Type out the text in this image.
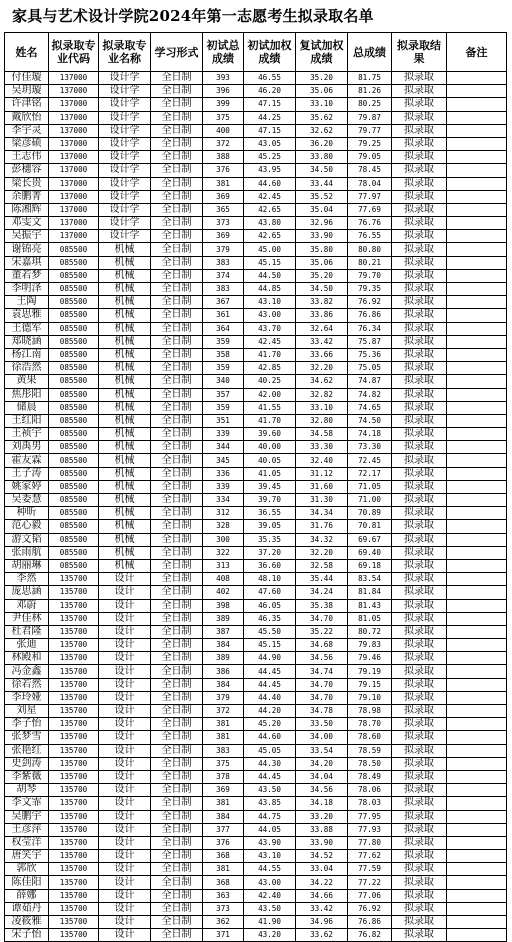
家具与艺术设计学院2024年第一志愿考生拟录取名单
姓名	拟录取专业代码	拟录取专业名称	学习形式	初试总成绩	初试加权成绩	复试加权成绩	总成绩	拟录取结果	备注
付佳璇	137000	设计学	全日制	393	46.55	35.20	81.75	拟录取	
吴玥璇	137000	设计学	全日制	396	46.20	35.06	81.26	拟录取	
许津铭	137000	设计学	全日制	399	47.15	33.10	80.25	拟录取	
戴欣怡	137000	设计学	全日制	375	44.25	35.62	79.87	拟录取	
李宇灵	137000	设计学	全日制	400	47.15	32.62	79.77	拟录取	
梁彦硕	137000	设计学	全日制	372	43.05	36.20	79.25	拟录取	
王志伟	137000	设计学	全日制	388	45.25	33.80	79.05	拟录取	
彭穗容	137000	设计学	全日制	376	43.95	34.50	78.45	拟录取	
梁长贵	137000	设计学	全日制	381	44.60	33.44	78.04	拟录取	
余鹏菁	137000	设计学	全日制	369	42.45	35.52	77.97	拟录取	
陈湘辉	137000	设计学	全日制	365	42.65	35.04	77.69	拟录取	
邓雯文	137000	设计学	全日制	373	43.80	32.96	76.76	拟录取	
吴振宇	137000	设计学	全日制	369	42.65	33.90	76.55	拟录取	
谢锦亮	085500	机械	全日制	379	45.00	35.80	80.80	拟录取	
宋嘉琪	085500	机械	全日制	383	45.15	35.06	80.21	拟录取	
董若梦	085500	机械	全日制	374	44.50	35.20	79.70	拟录取	
李明泽	085500	机械	全日制	383	44.85	34.50	79.35	拟录取	
王陶	085500	机械	全日制	367	43.10	33.82	76.92	拟录取	
袁思雅	085500	机械	全日制	361	43.00	33.86	76.86	拟录取	
王德军	085500	机械	全日制	364	43.70	32.64	76.34	拟录取	
郑晓涵	085500	机械	全日制	359	42.45	33.42	75.87	拟录取	
杨江南	085500	机械	全日制	358	41.70	33.66	75.36	拟录取	
徐浩然	085500	机械	全日制	359	42.85	32.20	75.05	拟录取	
黄果	085500	机械	全日制	340	40.25	34.62	74.87	拟录取	
焦彤阳	085500	机械	全日制	357	42.00	32.82	74.82	拟录取	
储晨	085500	机械	全日制	359	41.55	33.10	74.65	拟录取	
王红阳	085500	机械	全日制	351	41.70	32.80	74.50	拟录取	
王祯宇	085500	机械	全日制	339	39.60	34.58	74.18	拟录取	
刘禹男	085500	机械	全日制	344	40.00	33.30	73.30	拟录取	
霍友霖	085500	机械	全日制	345	40.05	32.40	72.45	拟录取	
王子涛	085500	机械	全日制	336	41.05	31.12	72.17	拟录取	
姚家婷	085500	机械	全日制	339	39.45	31.60	71.05	拟录取	
吴委慧	085500	机械	全日制	334	39.70	31.30	71.00	拟录取	
种昕	085500	机械	全日制	312	36.55	34.34	70.89	拟录取	
范心毅	085500	机械	全日制	328	39.05	31.76	70.81	拟录取	
游文韬	085500	机械	全日制	300	35.35	34.32	69.67	拟录取	
张雨航	085500	机械	全日制	322	37.20	32.20	69.40	拟录取	
胡丽琳	085500	机械	全日制	313	36.60	32.58	69.18	拟录取	
李然	135700	设计	全日制	408	48.10	35.44	83.54	拟录取	
庞思涵	135700	设计	全日制	402	47.60	34.24	81.84	拟录取	
邓蔚	135700	设计	全日制	398	46.05	35.38	81.43	拟录取	
尹佳林	135700	设计	全日制	389	46.35	34.70	81.05	拟录取	
杜君隆	135700	设计	全日制	387	45.50	35.22	80.72	拟录取	
张迪	135700	设计	全日制	384	45.15	34.68	79.83	拟录取	
林殿和	135700	设计	全日制	389	44.90	34.56	79.46	拟录取	
冯金鑫	135700	设计	全日制	386	44.45	34.74	79.19	拟录取	
徐若然	135700	设计	全日制	384	44.45	34.70	79.15	拟录取	
李玲娅	135700	设计	全日制	379	44.40	34.70	79.10	拟录取	
刘星	135700	设计	全日制	372	44.20	34.78	78.98	拟录取	
李子怡	135700	设计	全日制	381	45.20	33.50	78.70	拟录取	
张梦雪	135700	设计	全日制	381	44.60	34.00	78.60	拟录取	
张艳红	135700	设计	全日制	383	45.05	33.54	78.59	拟录取	
史剑涛	135700	设计	全日制	375	44.30	34.20	78.50	拟录取	
李紫薇	135700	设计	全日制	378	44.45	34.04	78.49	拟录取	
胡琴	135700	设计	全日制	369	43.50	34.56	78.06	拟录取	
李文霏	135700	设计	全日制	381	43.85	34.18	78.03	拟录取	
吴鹏宇	135700	设计	全日制	384	44.75	33.20	77.95	拟录取	
王彦萍	135700	设计	全日制	377	44.05	33.88	77.93	拟录取	
权莹洋	135700	设计	全日制	376	43.90	33.90	77.80	拟录取	
唐笑宇	135700	设计	全日制	368	43.10	34.52	77.62	拟录取	
郭欣	135700	设计	全日制	381	44.55	33.04	77.59	拟录取	
陈佳阳	135700	设计	全日制	368	43.00	34.22	77.22	拟录取	
薛娜	135700	设计	全日制	363	42.40	34.66	77.06	拟录取	
谭茹丹	135700	设计	全日制	373	43.50	33.42	76.92	拟录取	
凌筱雅	135700	设计	全日制	362	41.90	34.96	76.86	拟录取	
宋子怡	135700	设计	全日制	371	43.20	33.62	76.82	拟录取	
